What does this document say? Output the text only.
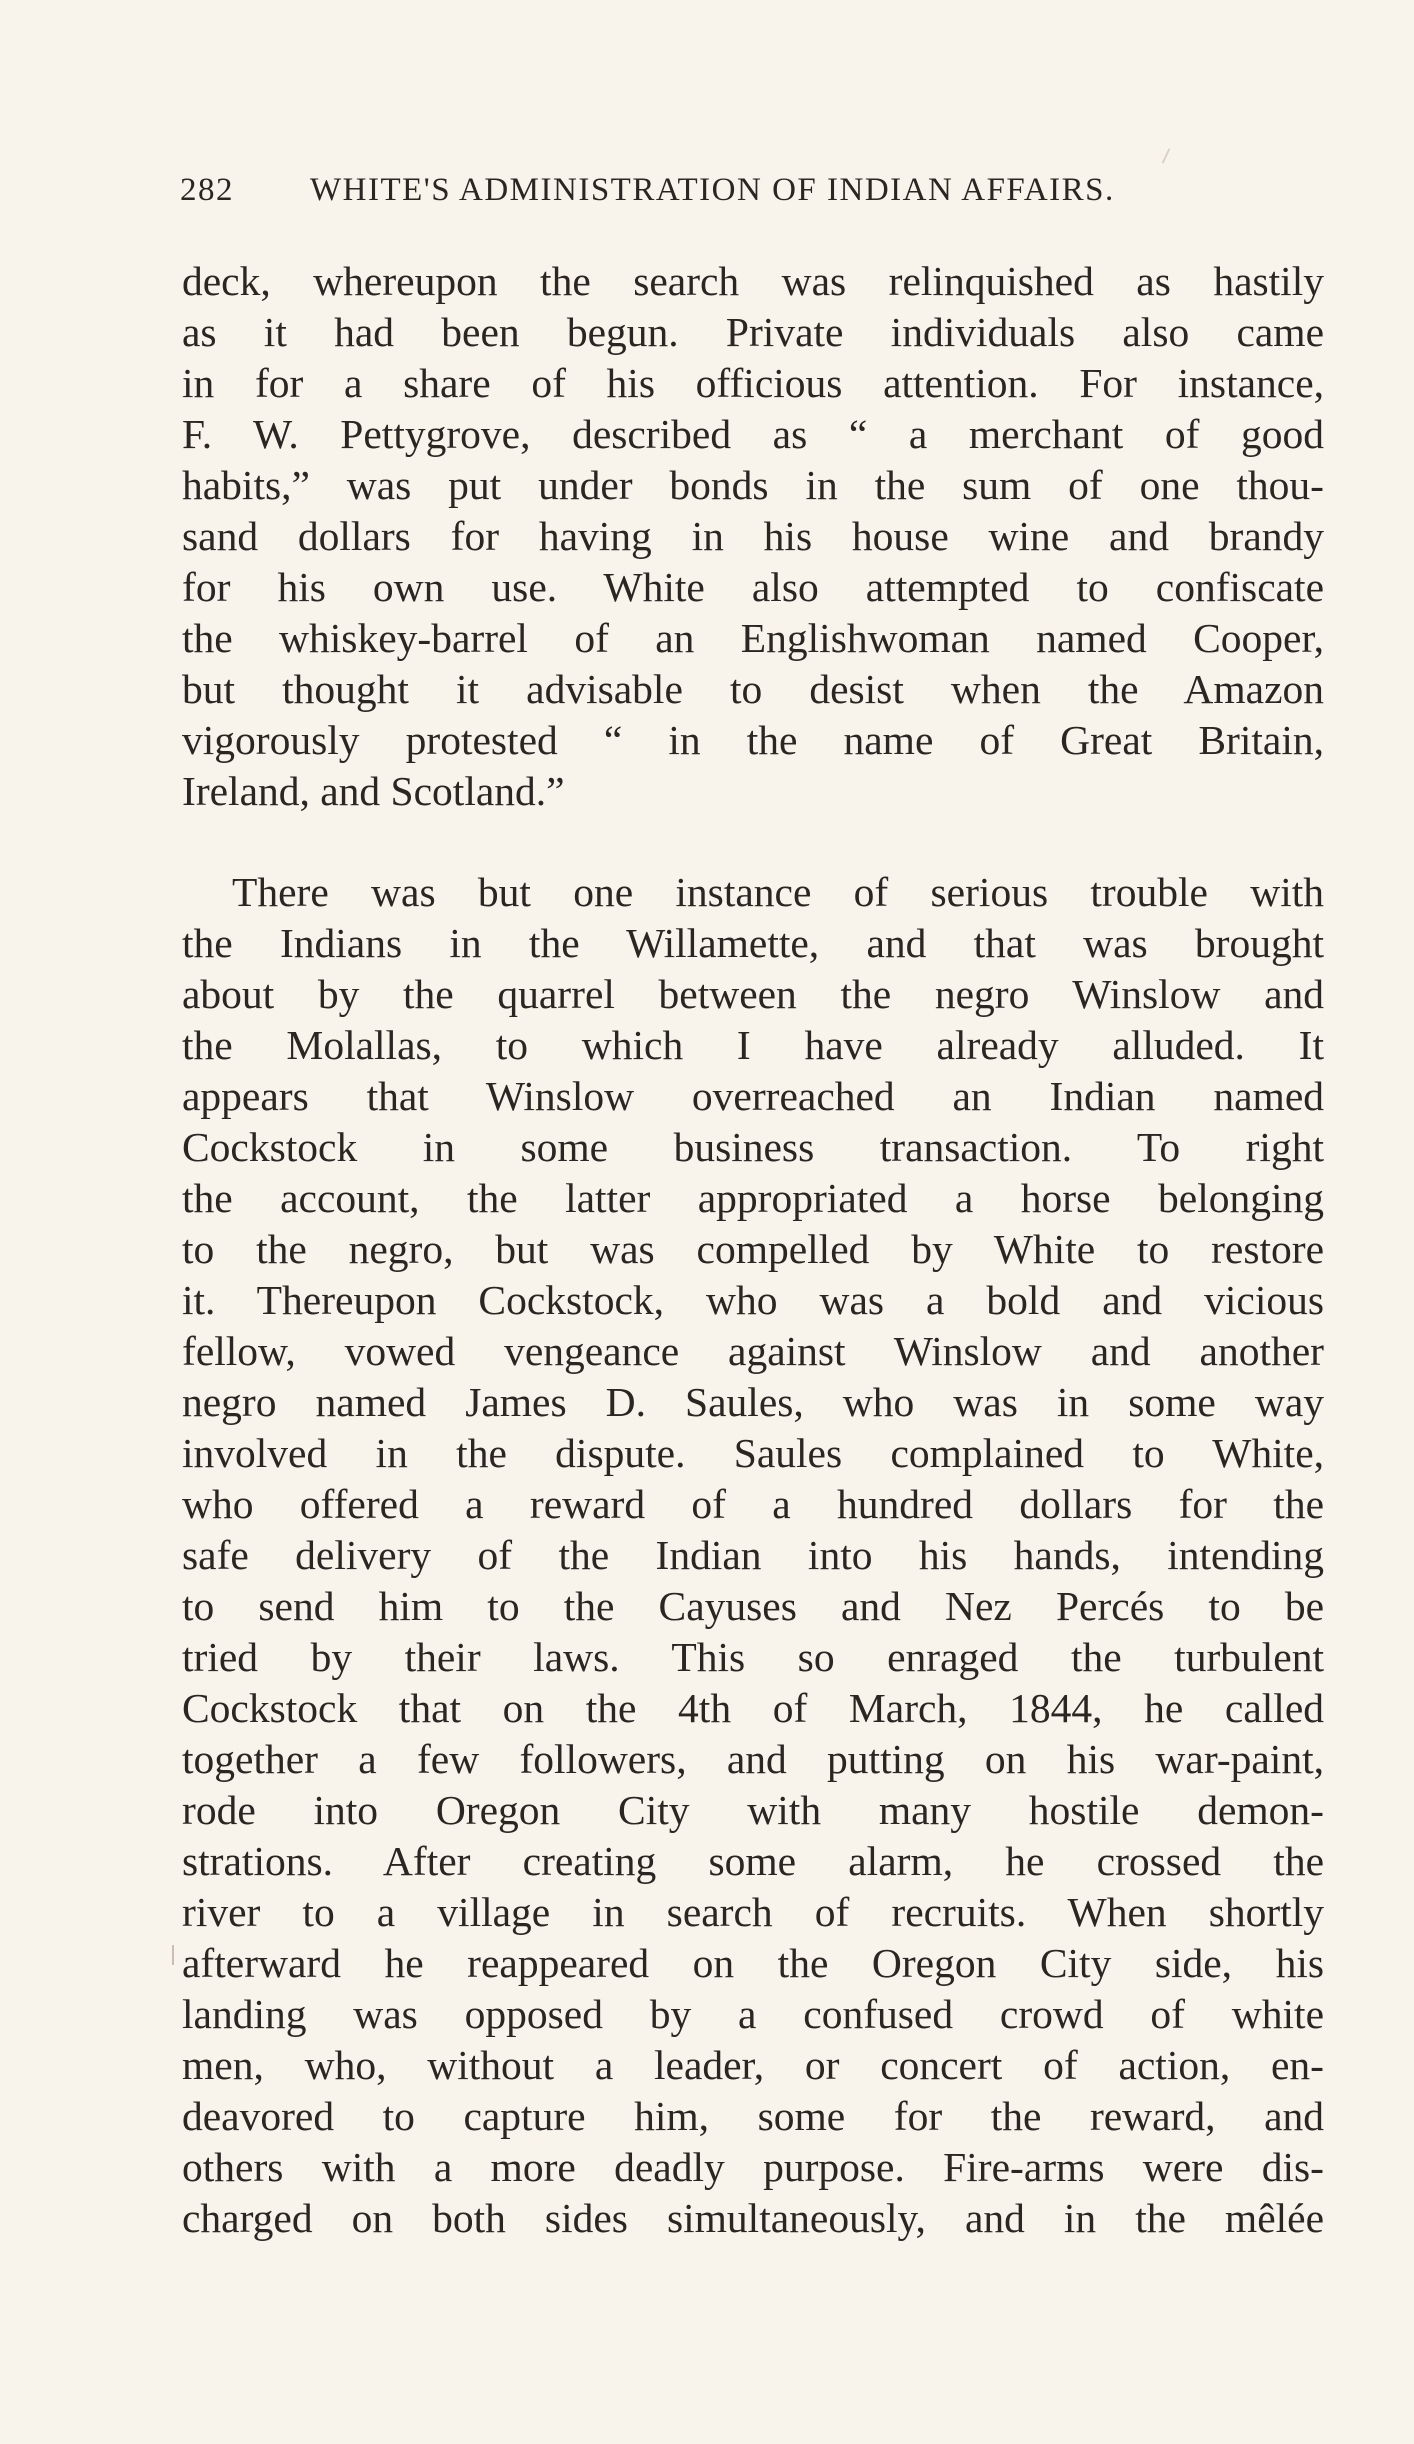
282 WHITE'S ADMINISTRATION OF INDIAN AFFAIRS.
deck, whereupon the search was relinquished as hastily
as it had been begun. Private individuals also came
in for a share of his officious attention. For instance,
F. W. Pettygrove, described as “ a merchant of good
habits,” was put under bonds in the sum of one thou-
sand dollars for having in his house wine and brandy
for his own use. White also attempted to confiscate
the whiskey-barrel of an Englishwoman named Cooper,
but thought it advisable to desist when the Amazon
vigorously protested “ in the name of Great Britain,
Ireland, and Scotland.”
There was but one instance of serious trouble with
the Indians in the Willamette, and that was brought
about by the quarrel between the negro Winslow and
the Molallas, to which I have already alluded. It
appears that Winslow overreached an Indian named
Cockstock in some business transaction. To right
the account, the latter appropriated a horse belonging
to the negro, but was compelled by White to restore
it. Thereupon Cockstock, who was a bold and vicious
fellow, vowed vengeance against Winslow and another
negro named James D. Saules, who was in some way
involved in the dispute. Saules complained to White,
who offered a reward of a hundred dollars for the
safe delivery of the Indian into his hands, intending
to send him to the Cayuses and Nez Percés to be
tried by their laws. This so enraged the turbulent
Cockstock that on the 4th of March, 1844, he called
together a few followers, and putting on his war-paint,
rode into Oregon City with many hostile demon-
strations. After creating some alarm, he crossed the
river to a village in search of recruits. When shortly
afterward he reappeared on the Oregon City side, his
landing was opposed by a confused crowd of white
men, who, without a leader, or concert of action, en-
deavored to capture him, some for the reward, and
others with a more deadly purpose. Fire-arms were dis-
charged on both sides simultaneously, and in the mêlée
